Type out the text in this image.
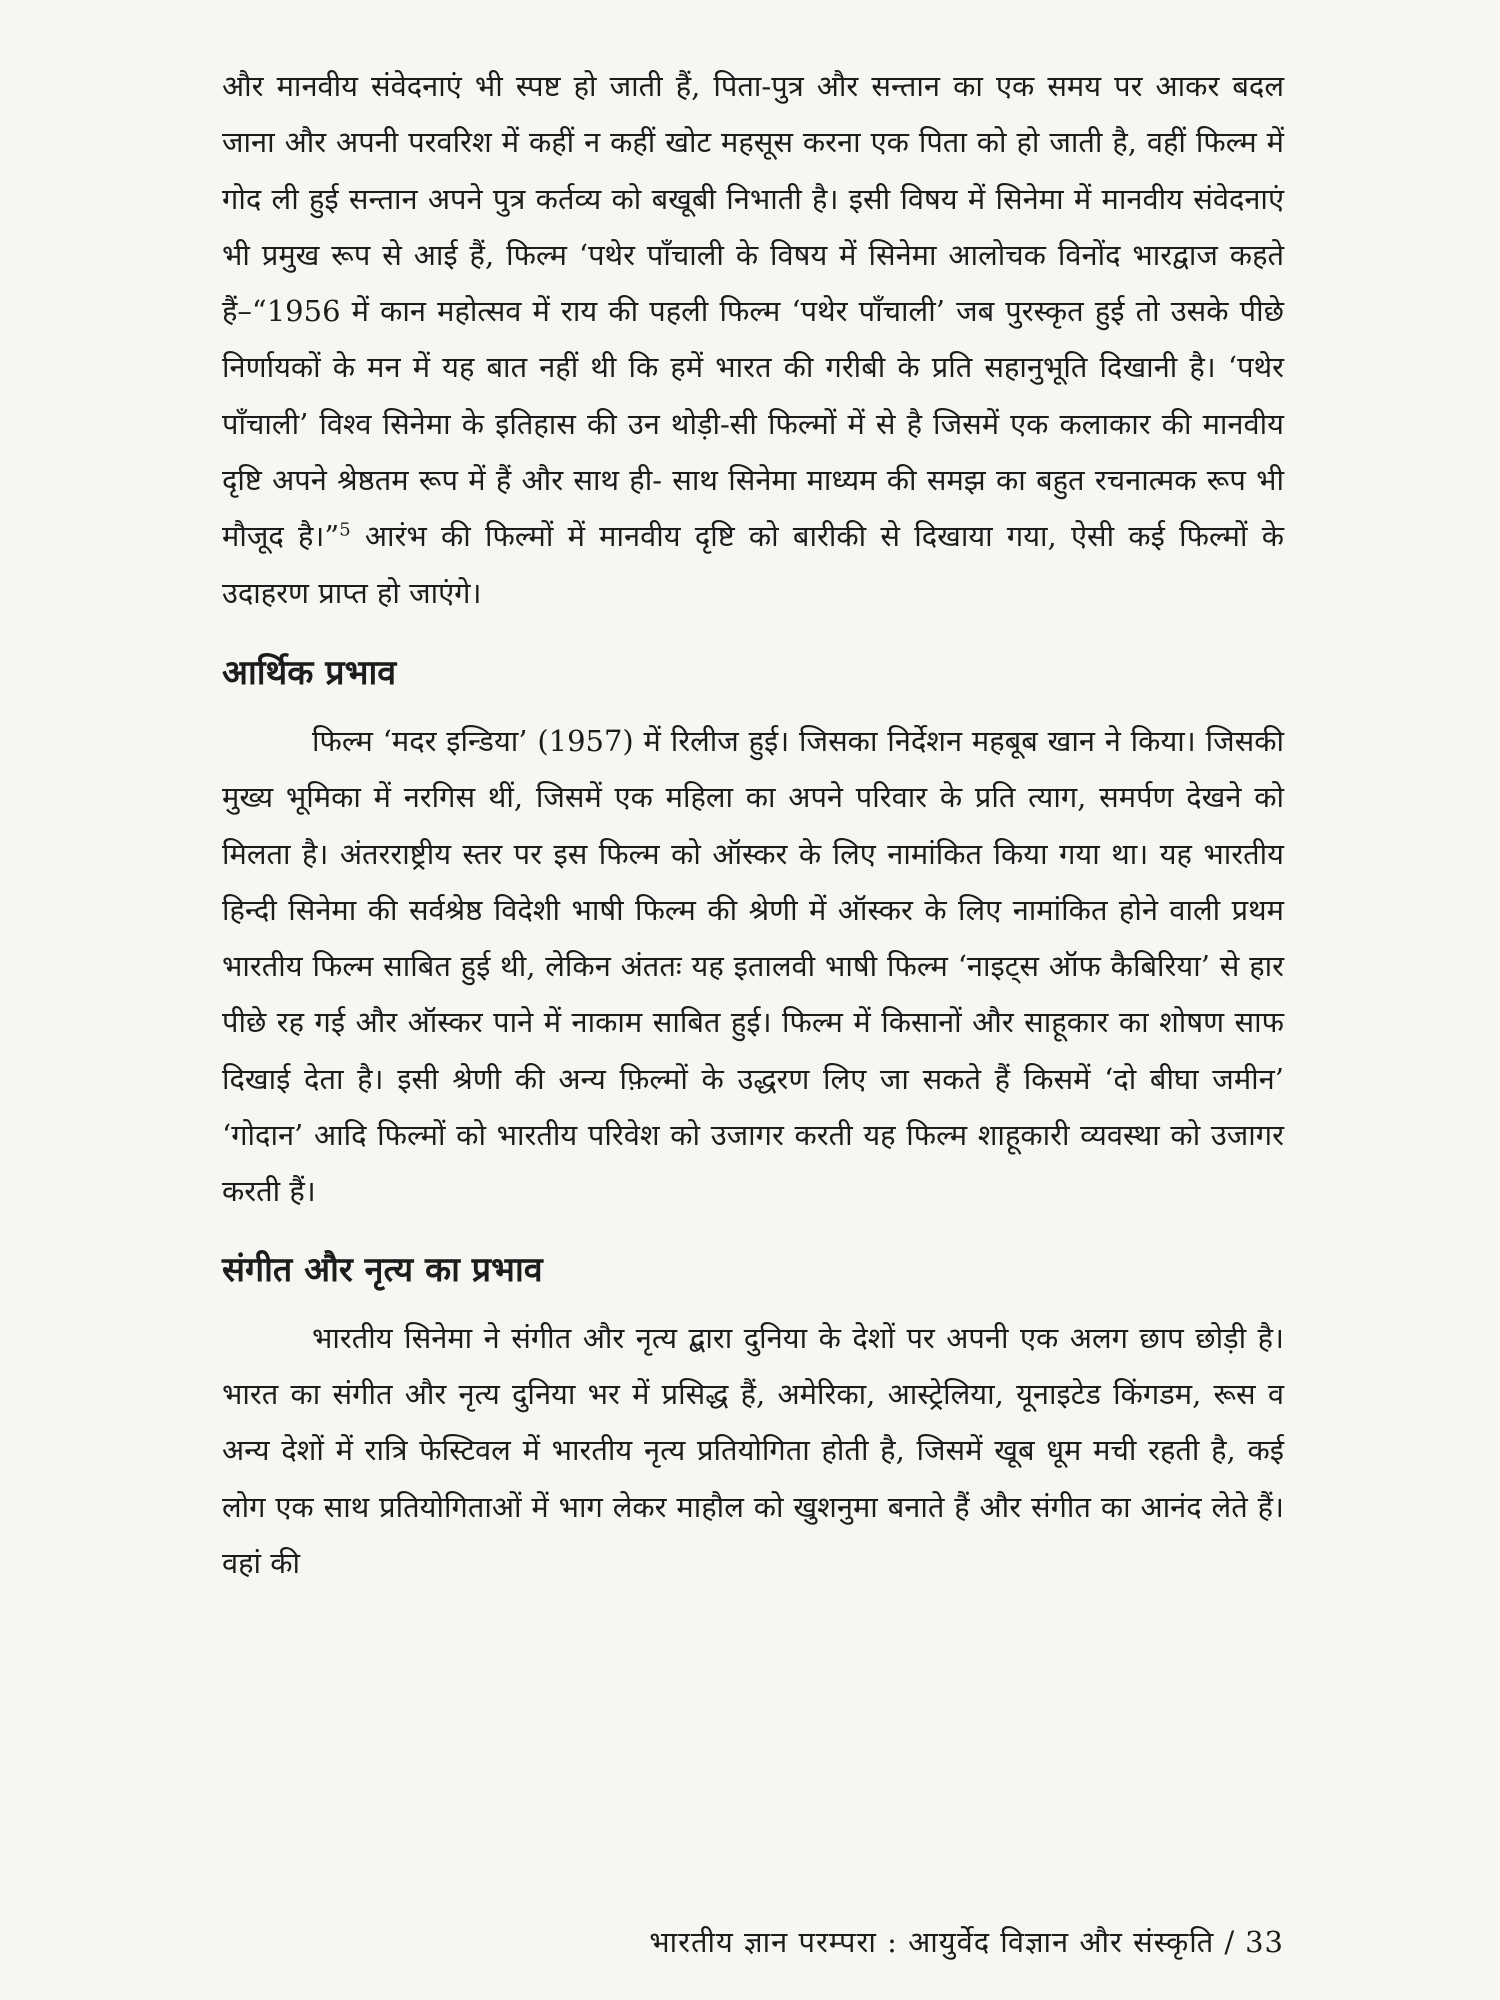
और मानवीय संवेदनाएं भी स्पष्ट हो जाती हैं, पिता-पुत्र और सन्तान का एक समय पर आकर बदल जाना और अपनी परवरिश में कहीं न कहीं खोट महसूस करना एक पिता को हो जाती है, वहीं फिल्म में गोद ली हुई सन्तान अपने पुत्र कर्तव्य को बखूबी निभाती है। इसी विषय में सिनेमा में मानवीय संवेदनाएं भी प्रमुख रूप से आई हैं, फिल्म ‘पथेर पाँचाली के विषय में सिनेमा आलोचक विनोंद भारद्वाज कहते हैं–“1956 में कान महोत्सव में राय की पहली फिल्म ‘पथेर पाँचाली’ जब पुरस्कृत हुई तो उसके पीछे निर्णायकों के मन में यह बात नहीं थी कि हमें भारत की गरीबी के प्रति सहानुभूति दिखानी है। ‘पथेर पाँचाली’ विश्व सिनेमा के इतिहास की उन थोड़ी-सी फिल्मों में से है जिसमें एक कलाकार की मानवीय दृष्टि अपने श्रेष्ठतम रूप में हैं और साथ ही- साथ सिनेमा माध्यम की समझ का बहुत रचनात्मक रूप भी मौजूद है।”$^5$ आरंभ की फिल्मों में मानवीय दृष्टि को बारीकी से दिखाया गया, ऐसी कई फिल्मों के उदाहरण प्राप्त हो जाएंगे।

आर्थिक प्रभाव

फिल्म ‘मदर इन्डिया’ (1957) में रिलीज हुई। जिसका निर्देशन महबूब खान ने किया। जिसकी मुख्य भूमिका में नरगिस थीं, जिसमें एक महिला का अपने परिवार के प्रति त्याग, समर्पण देखने को मिलता है। अंतरराष्ट्रीय स्तर पर इस फिल्म को ऑस्कर के लिए नामांकित किया गया था। यह भारतीय हिन्दी सिनेमा की सर्वश्रेष्ठ विदेशी भाषी फिल्म की श्रेणी में ऑस्कर के लिए नामांकित होने वाली प्रथम भारतीय फिल्म साबित हुई थी, लेकिन अंततः यह इतालवी भाषी फिल्म ‘नाइट्स ऑफ कैबिरिया’ से हार पीछे रह गई और ऑस्कर पाने में नाकाम साबित हुई। फिल्म में किसानों और साहूकार का शोषण साफ दिखाई देता है। इसी श्रेणी की अन्य फ़िल्मों के उद्धरण लिए जा सकते हैं किसमें ‘दो बीघा जमीन’ ‘गोदान’ आदि फिल्मों को भारतीय परिवेश को उजागर करती यह फिल्म शाहूकारी व्यवस्था को उजागर करती हैं।

संगीत और नृत्य का प्रभाव

भारतीय सिनेमा ने संगीत और नृत्य द्बारा दुनिया के देशों पर अपनी एक अलग छाप छोड़ी है। भारत का संगीत और नृत्य दुनिया भर में प्रसिद्ध हैं, अमेरिका, आस्ट्रेलिया, यूनाइटेड किंगडम, रूस व अन्य देशों में रात्रि फेस्टिवल में भारतीय नृत्य प्रतियोगिता होती है, जिसमें खूब धूम मची रहती है, कई लोग एक साथ प्रतियोगिताओं में भाग लेकर माहौल को खुशनुमा बनाते हैं और संगीत का आनंद लेते हैं। वहां की

भारतीय ज्ञान परम्परा : आयुर्वेद विज्ञान और संस्कृति / 33
